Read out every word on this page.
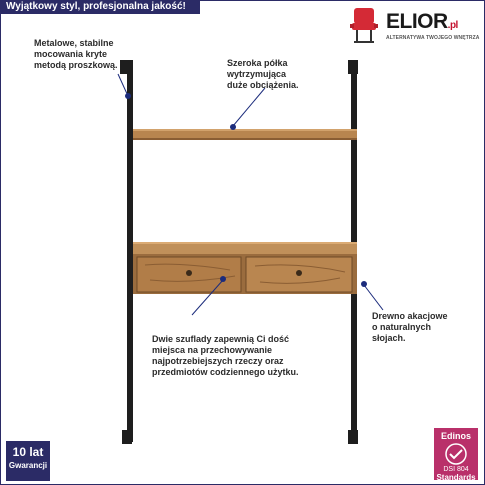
Wyjątkowy styl, profesjonalna jakość!
ELIOR.pl
ALTERNATYWA TWOJEGO WNĘTRZA
Metalowe, stabilne
mocowania kryte
metodą proszkową.	Szeroka półka
wytrzymująca
duże obciążenia.
Dwie szuflady zapewnią Ci dość
miejsca na przechowywanie
najpotrzebiejszych rzeczy oraz
przedmiotów codziennego użytku.
Drewno akacjowe
o naturalnych
słojach.
10 lat
Gwarancji
Edinos
DSI 804
Standards
